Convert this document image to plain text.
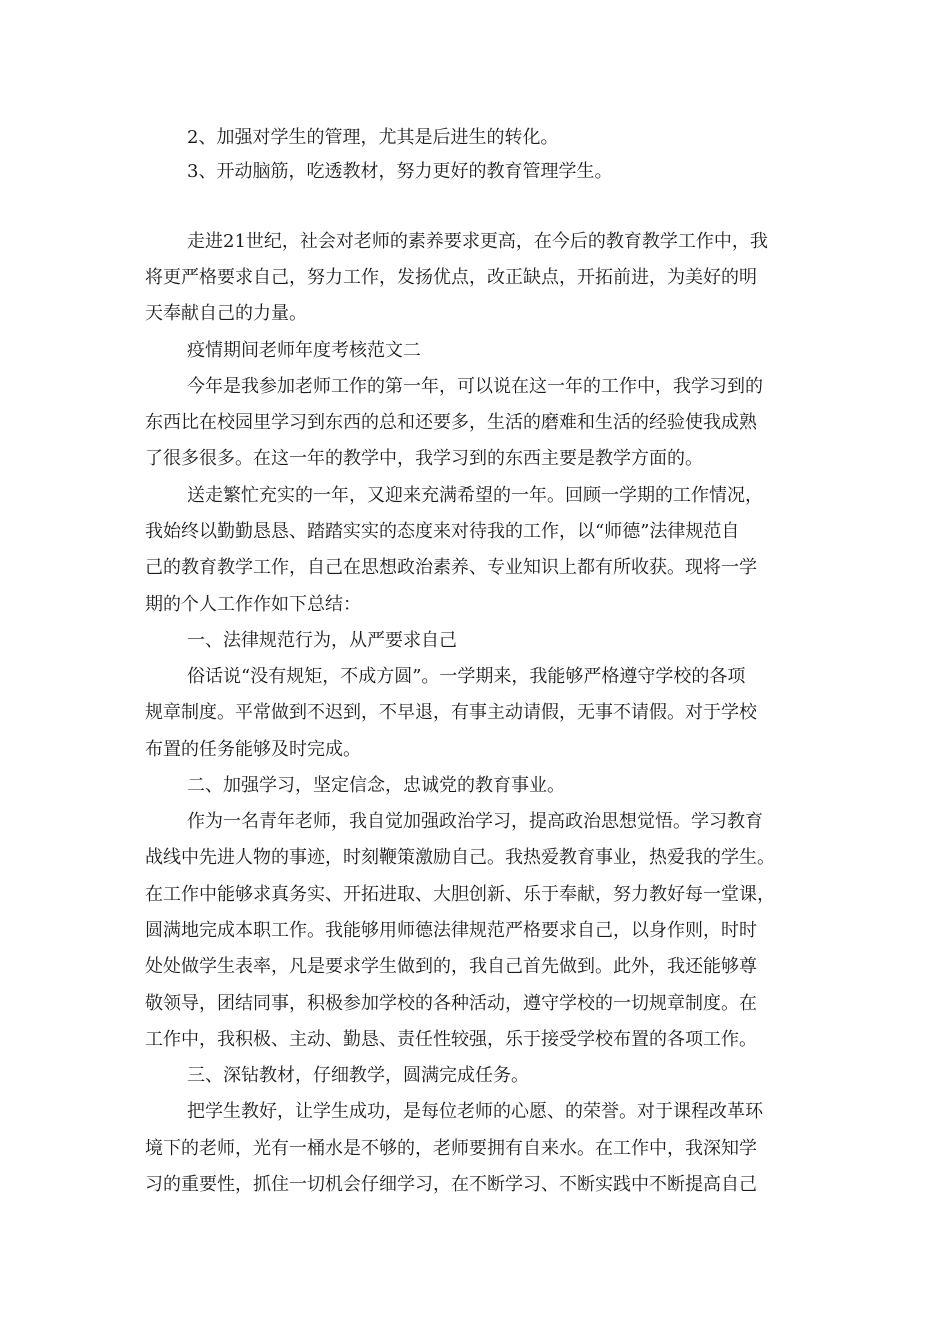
2、加强对学生的管理，尤其是后进生的转化。
3、开动脑筋，吃透教材，努力更好的教育管理学生。
走进21世纪，社会对老师的素养要求更高，在今后的教育教学工作中，我
将更严格要求自己，努力工作，发扬优点，改正缺点，开拓前进，为美好的明
天奉献自己的力量。
疫情期间老师年度考核范文二
今年是我参加老师工作的第一年，可以说在这一年的工作中，我学习到的
东西比在校园里学习到东西的总和还要多，生活的磨难和生活的经验使我成熟
了很多很多。在这一年的教学中，我学习到的东西主要是教学方面的。
送走繁忙充实的一年，又迎来充满希望的一年。回顾一学期的工作情况，
我始终以勤勤恳恳、踏踏实实的态度来对待我的工作，以“师德”法律规范自
己的教育教学工作，自己在思想政治素养、专业知识上都有所收获。现将一学
期的个人工作作如下总结：
一、法律规范行为，从严要求自己
俗话说“没有规矩，不成方圆”。一学期来，我能够严格遵守学校的各项
规章制度。平常做到不迟到，不早退，有事主动请假，无事不请假。对于学校
布置的任务能够及时完成。
二、加强学习，坚定信念，忠诚党的教育事业。
作为一名青年老师，我自觉加强政治学习，提高政治思想觉悟。学习教育
战线中先进人物的事迹，时刻鞭策激励自己。我热爱教育事业，热爱我的学生。
在工作中能够求真务实、开拓进取、大胆创新、乐于奉献，努力教好每一堂课，
圆满地完成本职工作。我能够用师德法律规范严格要求自己，以身作则，时时
处处做学生表率，凡是要求学生做到的，我自己首先做到。此外，我还能够尊
敬领导，团结同事，积极参加学校的各种活动，遵守学校的一切规章制度。在
工作中，我积极、主动、勤恳、责任性较强，乐于接受学校布置的各项工作。
三、深钻教材，仔细教学，圆满完成任务。
把学生教好，让学生成功，是每位老师的心愿、的荣誉。对于课程改革环
境下的老师，光有一桶水是不够的，老师要拥有自来水。在工作中，我深知学
习的重要性，抓住一切机会仔细学习，在不断学习、不断实践中不断提高自己
